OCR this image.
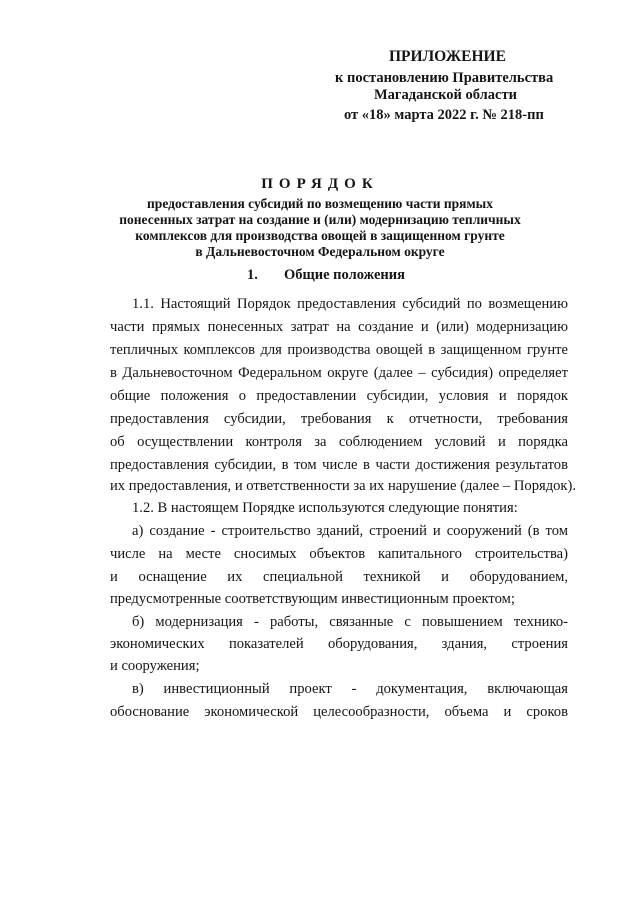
ПРИЛОЖЕНИЕ
к постановлению Правительства
Магаданской области
от «18» марта 2022 г. № 218-пп
ПОРЯДОК
предоставления субсидий по возмещению части прямых
понесенных затрат на создание и (или) модернизацию тепличных
комплексов для производства овощей в защищенном грунте
в Дальневосточном Федеральном округе
1. Общие положения
1.1. Настоящий Порядок предоставления субсидий по возмещению
части прямых понесенных затрат на создание и (или) модернизацию
тепличных комплексов для производства овощей в защищенном грунте
в Дальневосточном Федеральном округе (далее – субсидия) определяет
общие положения о предоставлении субсидии, условия и порядок
предоставления субсидии, требования к отчетности, требования
об осуществлении контроля за соблюдением условий и порядка
предоставления субсидии, в том числе в части достижения результатов
их предоставления, и ответственности за их нарушение (далее – Порядок).
1.2. В настоящем Порядке используются следующие понятия:
а) создание - строительство зданий, строений и сооружений (в том
числе на месте сносимых объектов капитального строительства)
и оснащение их специальной техникой и оборудованием,
предусмотренные соответствующим инвестиционным проектом;
б) модернизация - работы, связанные с повышением технико-
экономических показателей оборудования, здания, строения
и сооружения;
в) инвестиционный проект - документация, включающая
обоснование экономической целесообразности, объема и сроков
